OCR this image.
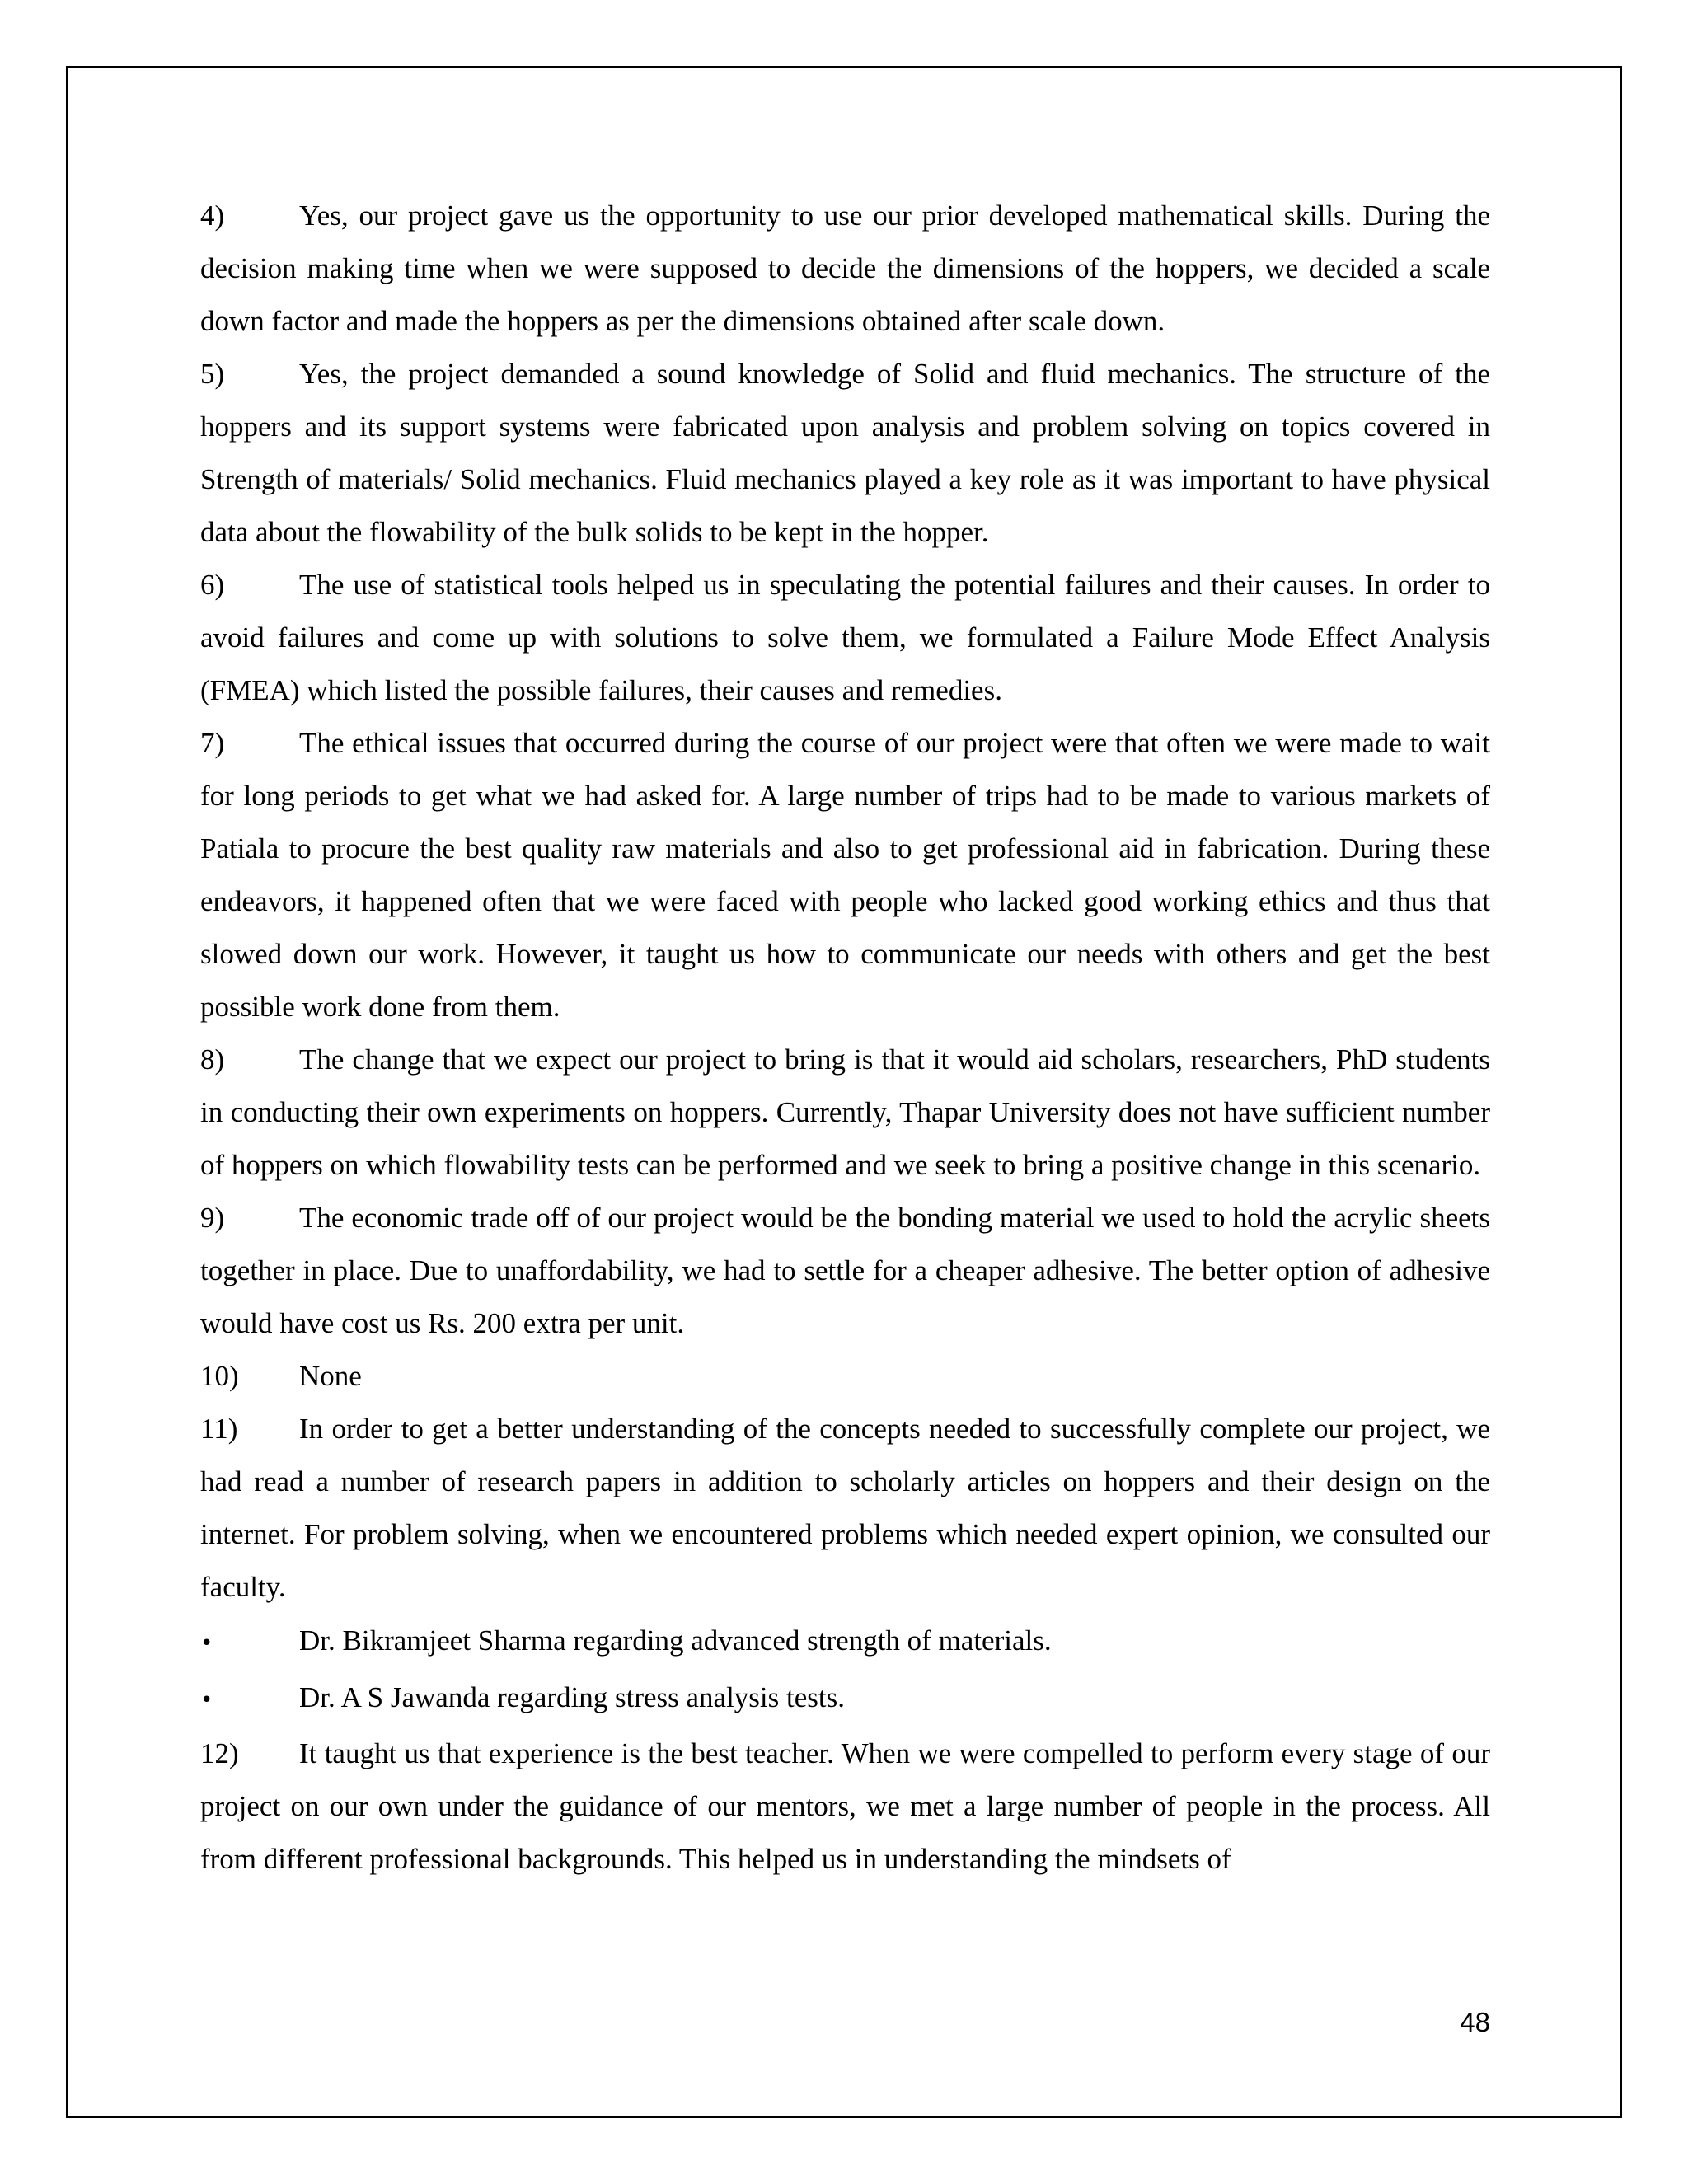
4)	Yes, our project gave us the opportunity to use our prior developed mathematical skills. During the decision making time when we were supposed to decide the dimensions of the hoppers, we decided a scale down factor and made the hoppers as per the dimensions obtained after scale down.

5)	Yes, the project demanded a sound knowledge of Solid and fluid mechanics. The structure of the hoppers and its support systems were fabricated upon analysis and problem solving on topics covered in Strength of materials/ Solid mechanics. Fluid mechanics played a key role as it was important to have physical data about the flowability of the bulk solids to be kept in the hopper.

6)	The use of statistical tools helped us in speculating the potential failures and their causes. In order to avoid failures and come up with solutions to solve them, we formulated a Failure Mode Effect Analysis (FMEA) which listed the possible failures, their causes and remedies.

7)	The ethical issues that occurred during the course of our project were that often we were made to wait for long periods to get what we had asked for. A large number of trips had to be made to various markets of Patiala to procure the best quality raw materials and also to get professional aid in fabrication. During these endeavors, it happened often that we were faced with people who lacked good working ethics and thus that slowed down our work. However, it taught us how to communicate our needs with others and get the best possible work done from them.

8)	The change that we expect our project to bring is that it would aid scholars, researchers, PhD students in conducting their own experiments on hoppers. Currently, Thapar University does not have sufficient number of hoppers on which flowability tests can be performed and we seek to bring a positive change in this scenario.

9)	The economic trade off of our project would be the bonding material we used to hold the acrylic sheets together in place. Due to unaffordability, we had to settle for a cheaper adhesive. The better option of adhesive would have cost us Rs. 200 extra per unit.

10) None

11) In order to get a better understanding of the concepts needed to successfully complete our project, we had read a number of research papers in addition to scholarly articles on hoppers and their design on the internet. For problem solving, when we encountered problems which needed expert opinion, we consulted our faculty.

•	Dr. Bikramjeet Sharma regarding advanced strength of materials.

•	Dr. A S Jawanda regarding stress analysis tests.

12) It taught us that experience is the best teacher. When we were compelled to perform every stage of our project on our own under the guidance of our mentors, we met a large number of people in the process. All from different professional backgrounds. This helped us in understanding the mindsets of

48
